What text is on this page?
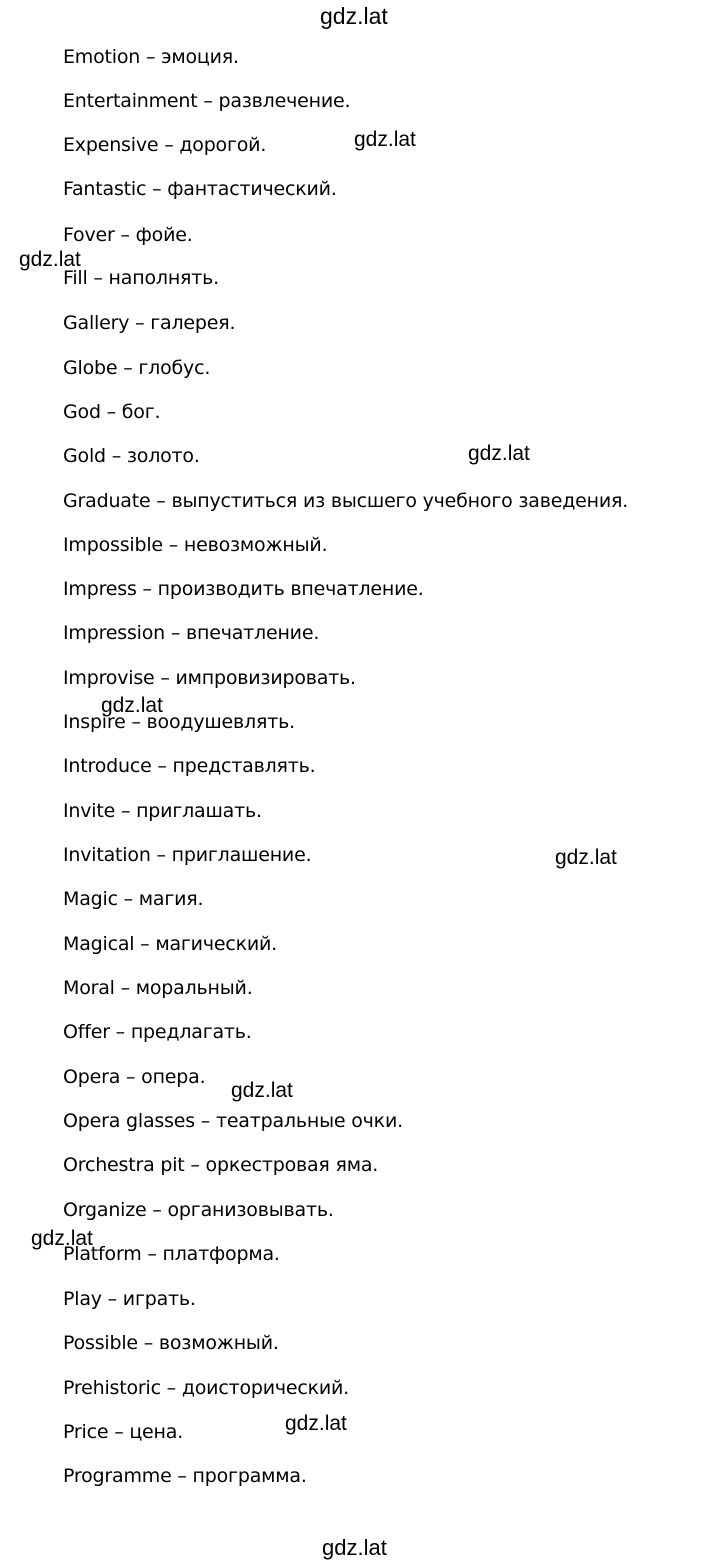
gdz.lat
Emotion – эмоция.
Entertainment – развлечение.
Expensive – дорогой.
Fantastic – фантастический.
Fover – фойе.
Fill – наполнять.
Gallery – галерея.
Globe – глобус.
God – бог.
Gold – золото.
Graduate – выпуститься из высшего учебного заведения.
Impossible – невозможный.
Impress – производить впечатление.
Impression – впечатление.
Improvise – импровизировать.
Inspire – воодушевлять.
Introduce – представлять.
Invite – приглашать.
Invitation – приглашение.
Magic – магия.
Magical – магический.
Moral – моральный.
Offer – предлагать.
Opera – опера.
Opera glasses – театральные очки.
Orchestra pit – оркестровая яма.
Organize – организовывать.
Platform – платформа.
Play – играть.
Possible – возможный.
Prehistoric – доисторический.
Price – цена.
Programme – программа.
gdz.lat
gdz.lat
gdz.lat
gdz.lat
gdz.lat
gdz.lat
gdz.lat
gdz.lat
gdz.lat
